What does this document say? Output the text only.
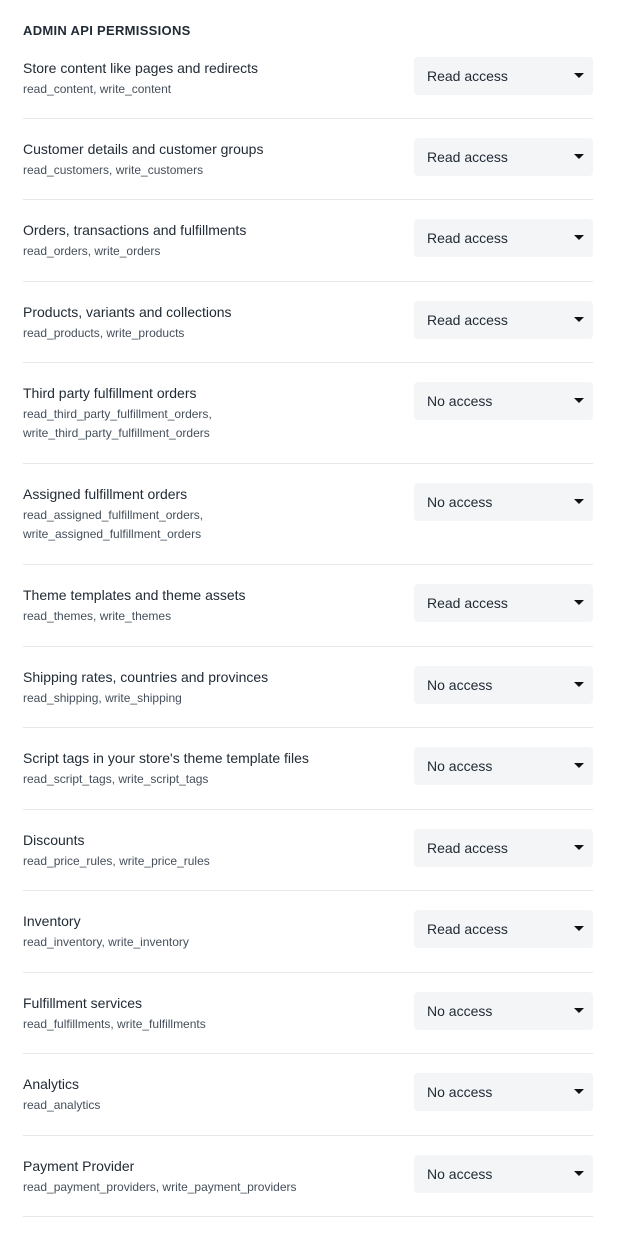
ADMIN API PERMISSIONS
Store content like pages and redirects
read_content, write_content
Read access
Customer details and customer groups
read_customers, write_customers
Read access
Orders, transactions and fulfillments
read_orders, write_orders
Read access
Products, variants and collections
read_products, write_products
Read access
Third party fulfillment orders
read_third_party_fulfillment_orders,
write_third_party_fulfillment_orders
No access
Assigned fulfillment orders
read_assigned_fulfillment_orders,
write_assigned_fulfillment_orders
No access
Theme templates and theme assets
read_themes, write_themes
Read access
Shipping rates, countries and provinces
read_shipping, write_shipping
No access
Script tags in your store's theme template files
read_script_tags, write_script_tags
No access
Discounts
read_price_rules, write_price_rules
Read access
Inventory
read_inventory, write_inventory
Read access
Fulfillment services
read_fulfillments, write_fulfillments
No access
Analytics
read_analytics
No access
Payment Provider
read_payment_providers, write_payment_providers
No access
